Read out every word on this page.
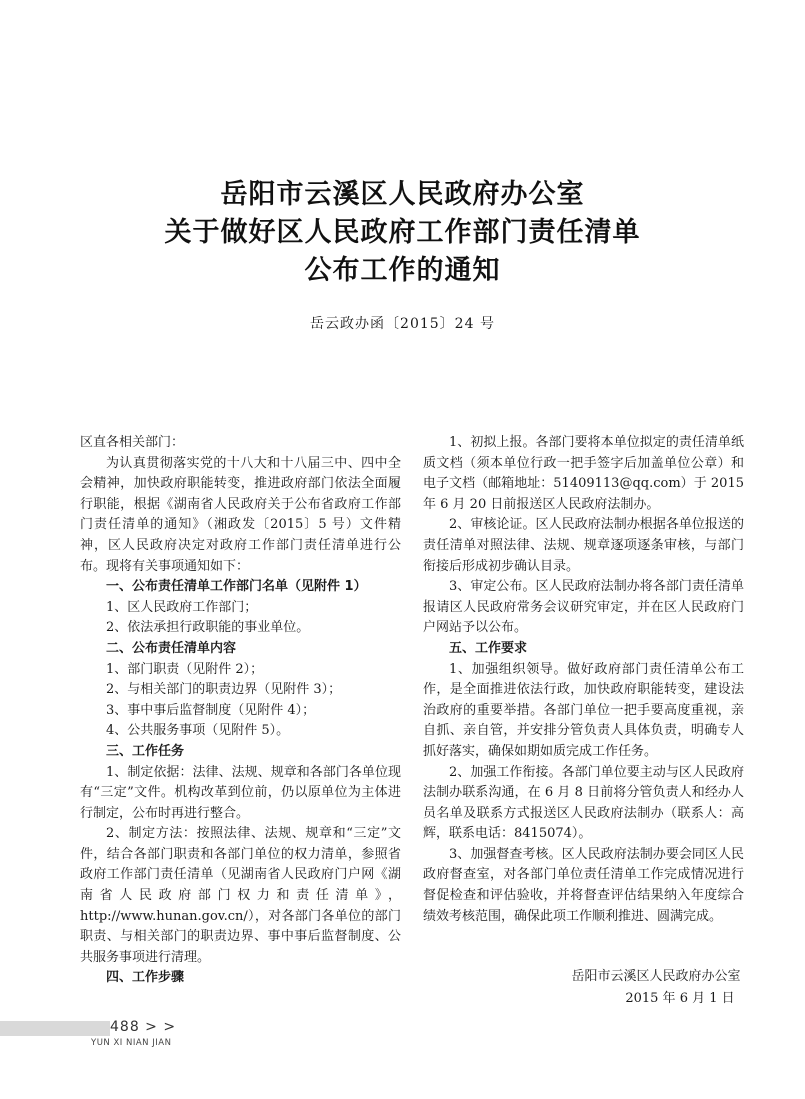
岳阳市云溪区人民政府办公室
关于做好区人民政府工作部门责任清单
公布工作的通知
岳云政办函〔2015〕24 号

区直各相关部门：

为认真贯彻落实党的十八大和十八届三中、四中全会精神，加快政府职能转变，推进政府部门依法全面履行职能，根据《湖南省人民政府关于公布省政府工作部门责任清单的通知》（湘政发〔2015〕5 号）文件精神，区人民政府决定对政府工作部门责任清单进行公布。现将有关事项通知如下：

一、公布责任清单工作部门名单（见附件 1）

1、区人民政府工作部门；

2、依法承担行政职能的事业单位。

二、公布责任清单内容

1、部门职责（见附件 2）；

2、与相关部门的职责边界（见附件 3）；

3、事中事后监督制度（见附件 4）；

4、公共服务事项（见附件 5）。

三、工作任务

1、制定依据：法律、法规、规章和各部门各单位现有“三定”文件。机构改革到位前，仍以原单位为主体进行制定，公布时再进行整合。

2、制定方法：按照法律、法规、规章和“三定”文件，结合各部门职责和各部门单位的权力清单，参照省政府工作部门责任清单（见湖南省人民政府门户网《湖南省人民政府部门权力和责任清单》，http://www.hunan.gov.cn/），对各部门各单位的部门职责、与相关部门的职责边界、事中事后监督制度、公共服务事项进行清理。

四、工作步骤

1、初拟上报。各部门要将本单位拟定的责任清单纸质文档（须本单位行政一把手签字后加盖单位公章）和电子文档（邮箱地址：51409113@qq.com）于 2015 年 6 月 20 日前报送区人民政府法制办。

2、审核论证。区人民政府法制办根据各单位报送的责任清单对照法律、法规、规章逐项逐条审核，与部门衔接后形成初步确认目录。

3、审定公布。区人民政府法制办将各部门责任清单报请区人民政府常务会议研究审定，并在区人民政府门户网站予以公布。

五、工作要求

1、加强组织领导。做好政府部门责任清单公布工作，是全面推进依法行政，加快政府职能转变，建设法治政府的重要举措。各部门单位一把手要高度重视，亲自抓、亲自管，并安排分管负责人具体负责，明确专人抓好落实，确保如期如质完成工作任务。

2、加强工作衔接。各部门单位要主动与区人民政府法制办联系沟通，在 6 月 8 日前将分管负责人和经办人员名单及联系方式报送区人民政府法制办（联系人：高辉，联系电话：8415074）。

3、加强督查考核。区人民政府法制办要会同区人民政府督查室，对各部门单位责任清单工作完成情况进行督促检查和评估验收，并将督查评估结果纳入年度综合绩效考核范围，确保此项工作顺利推进、圆满完成。

岳阳市云溪区人民政府办公室
2015 年 6 月 1 日
488 > >
YUN XI NIAN JIAN
